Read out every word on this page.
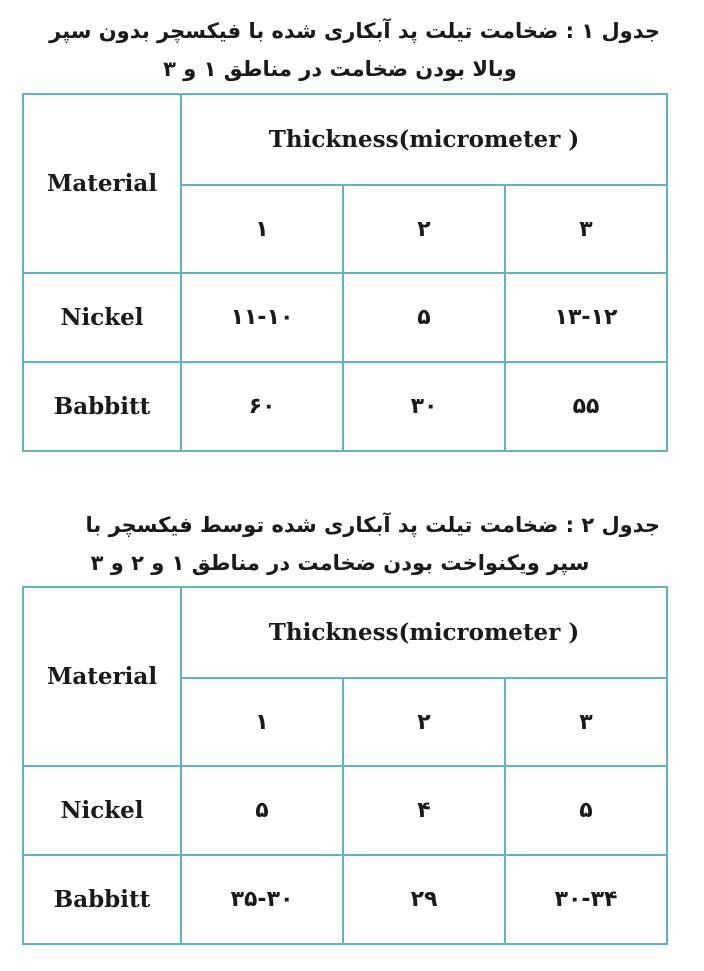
جدول ۱ : ضخامت تیلت پد آبکاری شده با فیکسچر بدون سپر
وبالا بودن ضخامت در مناطق ۱ و ۳
Material	Thickness(micrometer )		
	۱	۲	۳
Nickel	۱۱-۱۰	۵	۱۳-۱۲
Babbitt	۶۰	۳۰	۵۵
جدول ۲ : ضخامت تیلت پد آبکاری شده توسط فیکسچر با
سپر ویکنواخت بودن ضخامت در مناطق ۱ و ۲ و ۳
Material	Thickness(micrometer )		
	۱	۲	۳
Nickel	۵	۴	۵
Babbitt	۳۵-۳۰	۲۹	۳۰-۳۴
